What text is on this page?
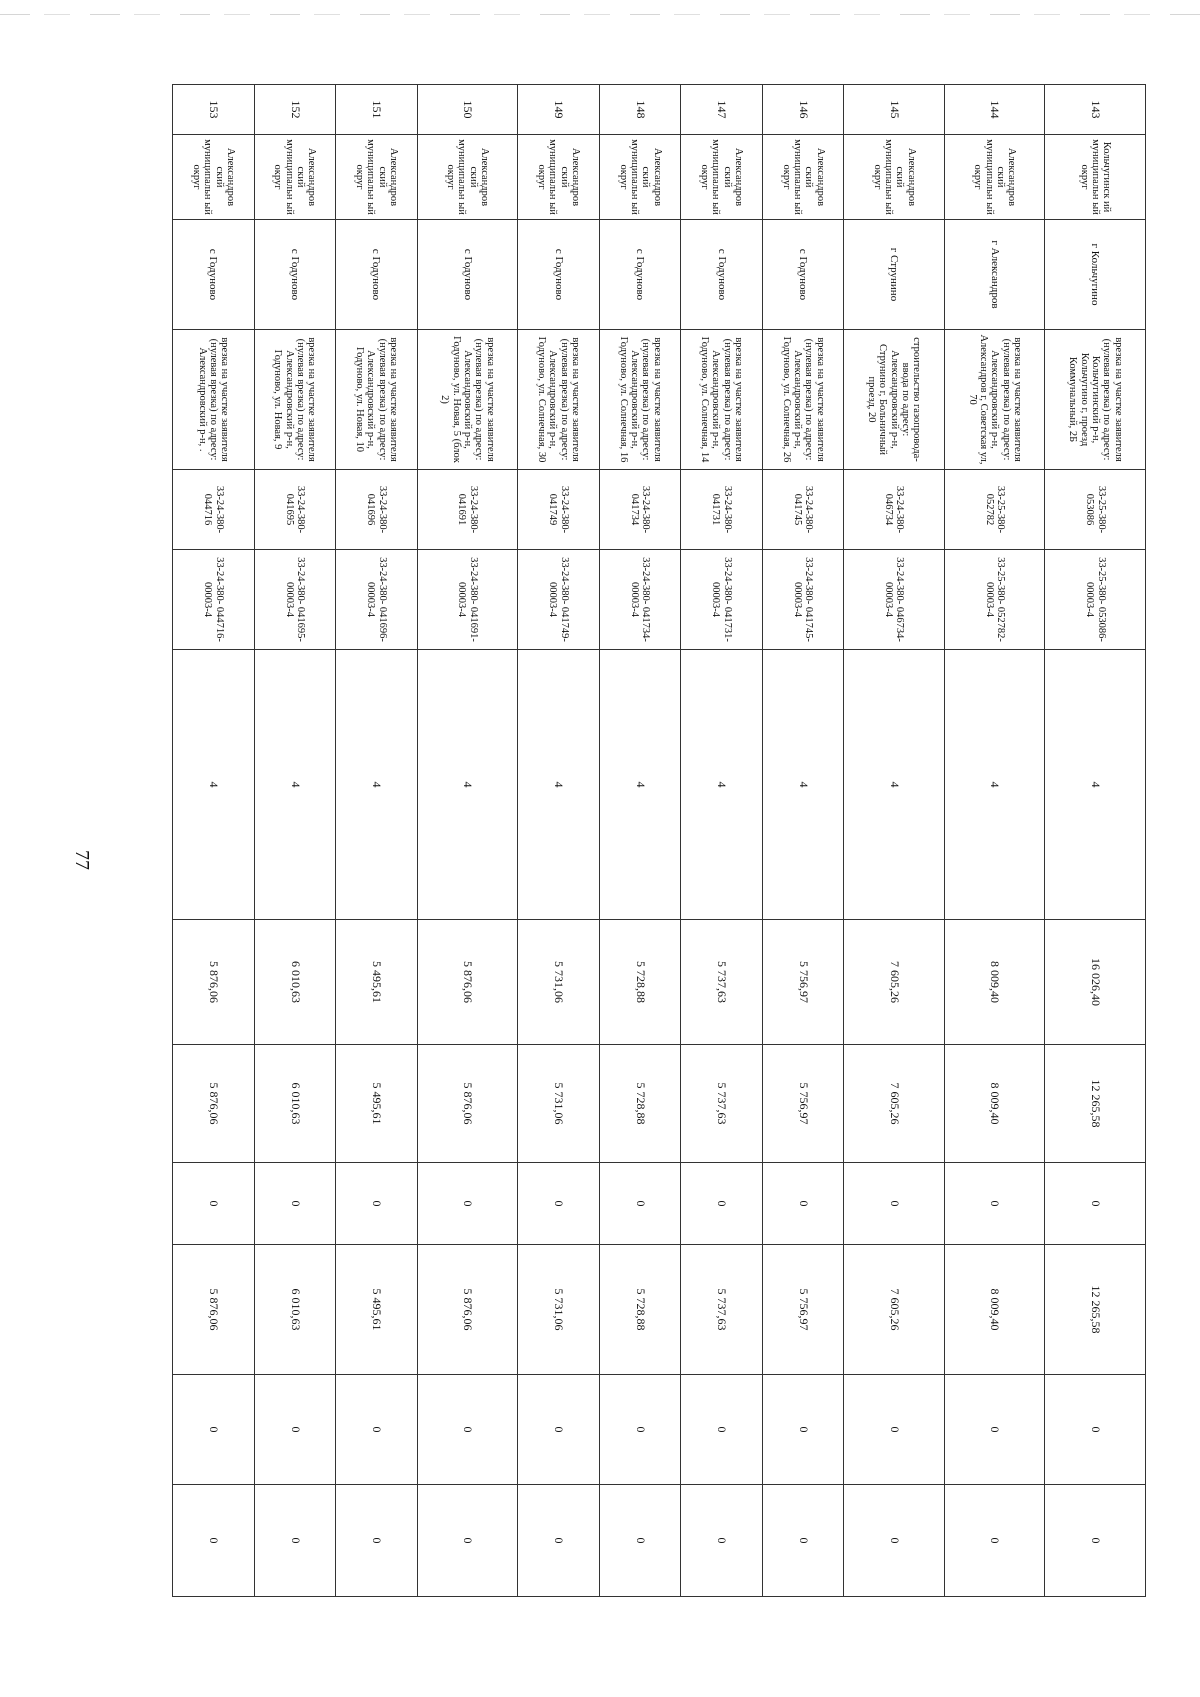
77
143	Кольчугинск ий муниципальн ый округ	г Кольчугино	врезка на участке заявителя (нулевая врезка) по адресу: Кольчугинский р-н, Кольчугино г, проезд Коммунальный, 2Б	33-25-380- 053086	33-25-380- 053086- 00003-4	4	16 026,40	12 265,58	0	12 265,58	0	0
144	Александров ский муниципальн ый округ	г Александров	врезка на участке заявителя (нулевая врезка) по адресу: Александровский р-н, Александров г, Советская ул, 70	33-25-380- 052782	33-25-380- 052782- 00003-4	4	8 009,40	8 009,40	0	8 009,40	0	0
145	Александров ский муниципальн ый округ	г Струнино	строительство газопровода-ввода по адресу: Александровский р-н, Струнино г, Больничный проезд, 20	33-24-380- 046734	33-24-380- 046734- 00003-4	4	7 605,26	7 605,26	0	7 605,26	0	0
146	Александров ский муниципальн ый округ	с Годуново	врезка на участке заявителя (нулевая врезка) по адресу: Александровский р-н, Годуново, ул. Солнечная, 26	33-24-380- 041745	33-24-380- 041745- 00003-4	4	5 756,97	5 756,97	0	5 756,97	0	0
147	Александров ский муниципальн ый округ	с Годуново	врезка на участке заявителя (нулевая врезка) по адресу: Александровский р-н, Годуново, ул. Солнечная, 14	33-24-380- 041731	33-24-380- 041731- 00003-4	4	5 737,63	5 737,63	0	5 737,63	0	0
148	Александров ский муниципальн ый округ	с Годуново	врезка на участке заявителя (нулевая врезка) по адресу: Александровский р-н, Годуново, ул. Солнечная, 16	33-24-380- 041734	33-24-380- 041734- 00003-4	4	5 728,88	5 728,88	0	5 728,88	0	0
149	Александров ский муниципальн ый округ	с Годуново	врезка на участке заявителя (нулевая врезка) по адресу: Александровский р-н, Годуново, ул. Солнечная, 30	33-24-380- 041749	33-24-380- 041749- 00003-4	4	5 731,06	5 731,06	0	5 731,06	0	0
150	Александров ский муниципальн ый округ	с Годуново	врезка на участке заявителя (нулевая врезка) по адресу: Александровский р-н, Годуново, ул. Новая, 5 (блок 2)	33-24-380- 041691	33-24-380- 041691- 00003-4	4	5 876,06	5 876,06	0	5 876,06	0	0
151	Александров ский муниципальн ый округ	с Годуново	врезка на участке заявителя (нулевая врезка) по адресу: Александровский р-н, Годуново, ул. Новая, 10	33-24-380- 041696	33-24-380- 041696- 00003-4	4	5 495,61	5 495,61	0	5 495,61	0	0
152	Александров ский муниципальн ый округ	с Годуново	врезка на участке заявителя (нулевая врезка) по адресу: Александровский р-н, Годуново, ул. Новая, 9	33-24-380- 041695	33-24-380- 041695- 00003-4	4	6 010,63	6 010,63	0	6 010,63	0	0
153	Александров ский муниципальн ый округ	с Годуново	врезка на участке заявителя (нулевая врезка) по адресу: Александровский р-н, .	33-24-380- 044716	33-24-380- 044716- 00003-4	4	5 876,06	5 876,06	0	5 876,06	0	0
